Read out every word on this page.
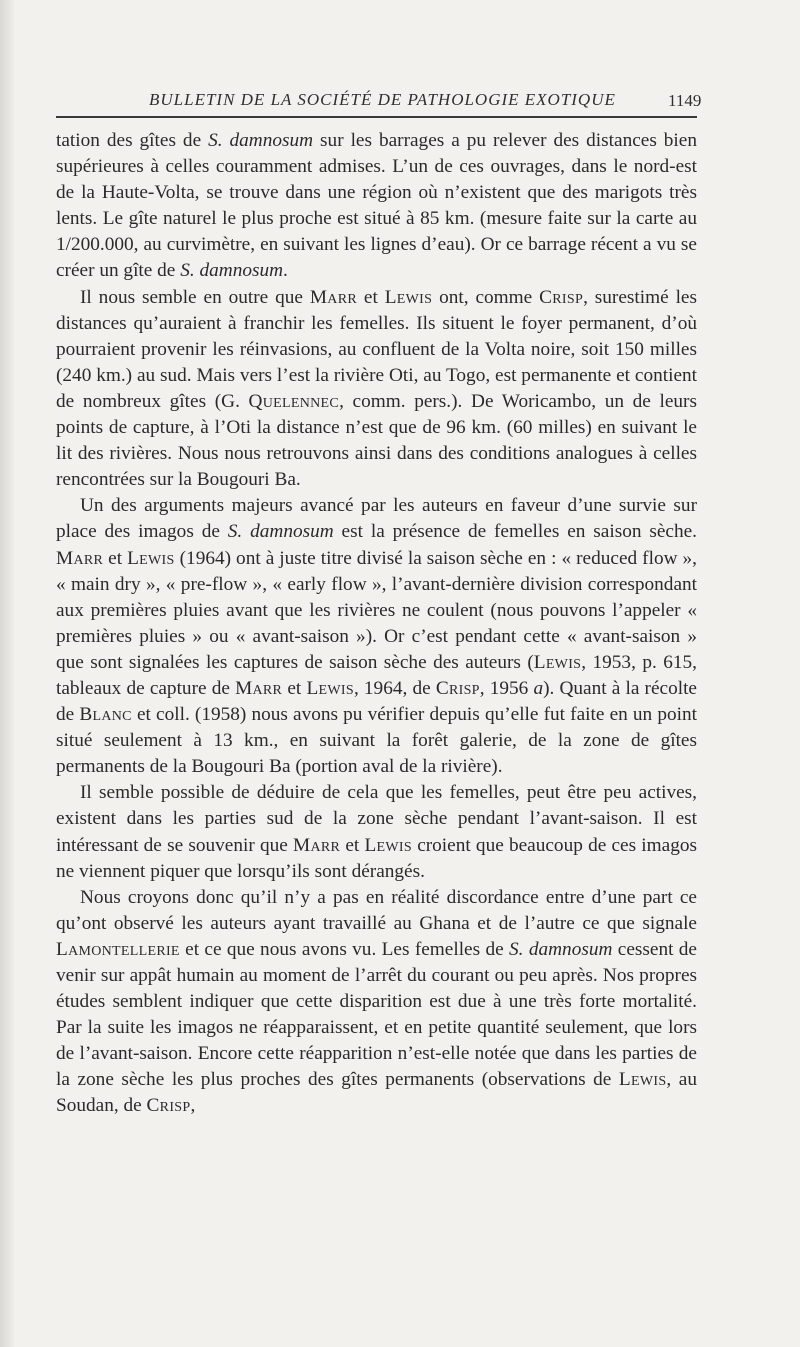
BULLETIN DE LA SOCIÉTÉ DE PATHOLOGIE EXOTIQUE	1149

tation des gîtes de S. damnosum sur les barrages a pu relever des distances bien supérieures à celles couramment admises. L’un de ces ouvrages, dans le nord-est de la Haute-Volta, se trouve dans une région où n’existent que des marigots très lents. Le gîte naturel le plus proche est situé à 85 km. (mesure faite sur la carte au 1/200.000, au curvimètre, en suivant les lignes d’eau). Or ce barrage récent a vu se créer un gîte de S. damnosum.

Il nous semble en outre que Marr et Lewis ont, comme Crisp, surestimé les distances qu’auraient à franchir les femelles. Ils situent le foyer permanent, d’où pourraient provenir les réinvasions, au confluent de la Volta noire, soit 150 milles (240 km.) au sud. Mais vers l’est la rivière Oti, au Togo, est permanente et contient de nombreux gîtes (G. Quelennec, comm. pers.). De Woricambo, un de leurs points de capture, à l’Oti la distance n’est que de 96 km. (60 milles) en suivant le lit des rivières. Nous nous retrouvons ainsi dans des conditions analogues à celles rencontrées sur la Bougouri Ba.

Un des arguments majeurs avancé par les auteurs en faveur d’une survie sur place des imagos de S. damnosum est la présence de femelles en saison sèche. Marr et Lewis (1964) ont à juste titre divisé la saison sèche en : « reduced flow », « main dry », « pre-flow », « early flow », l’avant-dernière division correspondant aux premières pluies avant que les rivières ne coulent (nous pouvons l’appeler « premières pluies » ou « avant-saison »). Or c’est pendant cette « avant-saison » que sont signalées les captures de saison sèche des auteurs (Lewis, 1953, p. 615, tableaux de capture de Marr et Lewis, 1964, de Crisp, 1956 a). Quant à la récolte de Blanc et coll. (1958) nous avons pu vérifier depuis qu’elle fut faite en un point situé seulement à 13 km., en suivant la forêt galerie, de la zone de gîtes permanents de la Bougouri Ba (portion aval de la rivière).

Il semble possible de déduire de cela que les femelles, peut être peu actives, existent dans les parties sud de la zone sèche pendant l’avant-saison. Il est intéressant de se souvenir que Marr et Lewis croient que beaucoup de ces imagos ne viennent piquer que lorsqu’ils sont dérangés.

Nous croyons donc qu’il n’y a pas en réalité discordance entre d’une part ce qu’ont observé les auteurs ayant travaillé au Ghana et de l’autre ce que signale Lamontellerie et ce que nous avons vu. Les femelles de S. damnosum cessent de venir sur appât humain au moment de l’arrêt du courant ou peu après. Nos propres études semblent indiquer que cette disparition est due à une très forte mortalité. Par la suite les imagos ne réapparaissent, et en petite quantité seulement, que lors de l’avant-saison. Encore cette réapparition n’est-elle notée que dans les parties de la zone sèche les plus proches des gîtes permanents (observations de Lewis, au Soudan, de Crisp,
